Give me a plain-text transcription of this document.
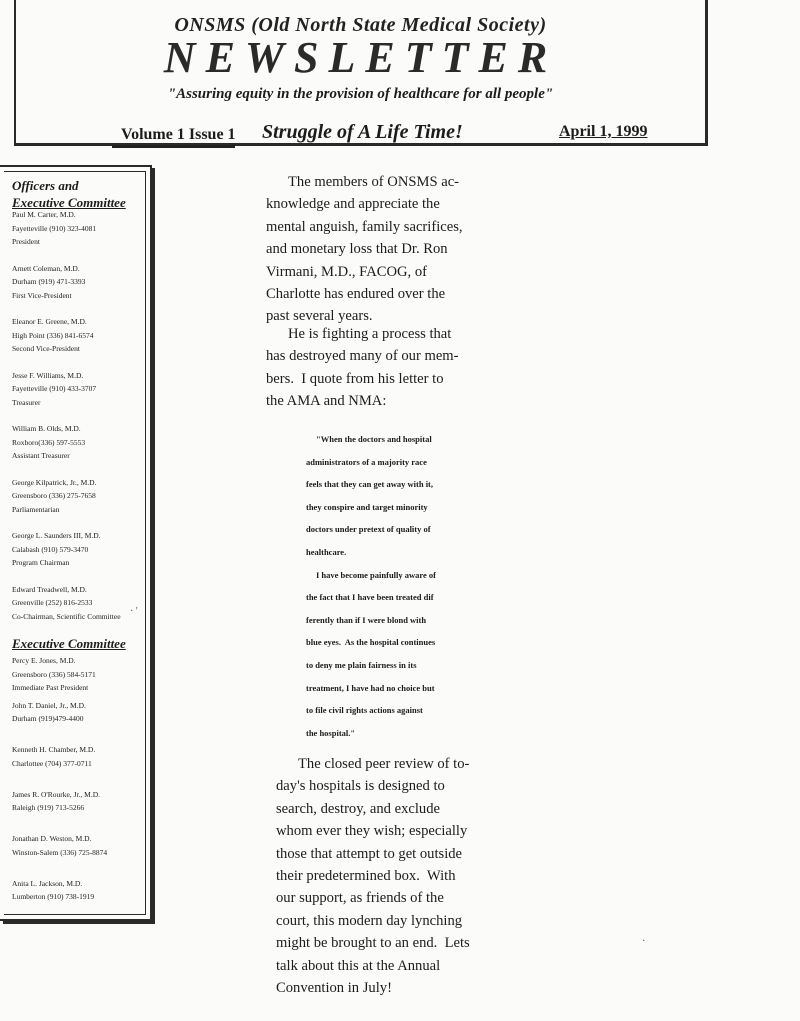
ONSMS (Old North State Medical Society)
NEWSLETTER
"Assuring equity in the provision of healthcare for all people"
Volume 1 Issue 1 Struggle of A Life Time!	April 1, 1999
Officers and
Executive Committee
Paul M. Carter, M.D.
Fayetteville (910) 323-4081
President
Arnett Coleman, M.D.
Durham (919) 471-3393
First Vice-President
Eleanor E. Greene, M.D.
High Point (336) 841-6574
Second Vice-President
Jesse F. Williams, M.D.
Fayetteville (910) 433-3707
Treasurer
William B. Olds, M.D.
Roxboro(336) 597-5553
Assistant Treasurer
George Kilpatrick, Jr., M.D.
Greensboro (336) 275-7658
Parliamentarian
George L. Saunders III, M.D.
Calabash (910) 579-3470
Program Chairman
Edward Treadwell, M.D.
Greenville (252) 816-2533
Co-Chairman, Scientific Committee
Executive Committee
Percy E. Jones, M.D.
Greensboro (336) 584-5171
Immediate Past President
John T. Daniel, Jr., M.D.
Durham (919)479-4400
Kenneth H. Chamber, M.D.
Charlottee (704) 377-0711
James R. O'Rourke, Jr., M.D.
Raleigh (919) 713-5266
Jonathan D. Weston, M.D.
Winston-Salem (336) 725-8874
Anita L. Jackson, M.D.
Lumberton (910) 738-1919
The members of ONSMS ac-
knowledge and appreciate the
mental anguish, family sacrifices,
and monetary loss that Dr. Ron
Virmani, M.D., FACOG, of
Charlotte has endured over the
past several years.
He is fighting a process that
has destroyed many of our mem-
bers.  I quote from his letter to
the AMA and NMA:
"When the doctors and hospital
administrators of a majority race
feels that they can get away with it,
they conspire and target minority
doctors under pretext of quality of
healthcare.
I have become painfully aware of
the fact that I have been treated dif
ferently than if I were blond with
blue eyes.  As the hospital continues
to deny me plain fairness in its
treatment, I have had no choice but
to file civil rights actions against
the hospital."
The closed peer review of to-
day's hospitals is designed to
search, destroy, and exclude
whom ever they wish; especially
those that attempt to get outside
their predetermined box.  With
our support, as friends of the
court, this modern day lynching
might be brought to an end.  Lets
talk about this at the Annual
Convention in July!
· '
·
